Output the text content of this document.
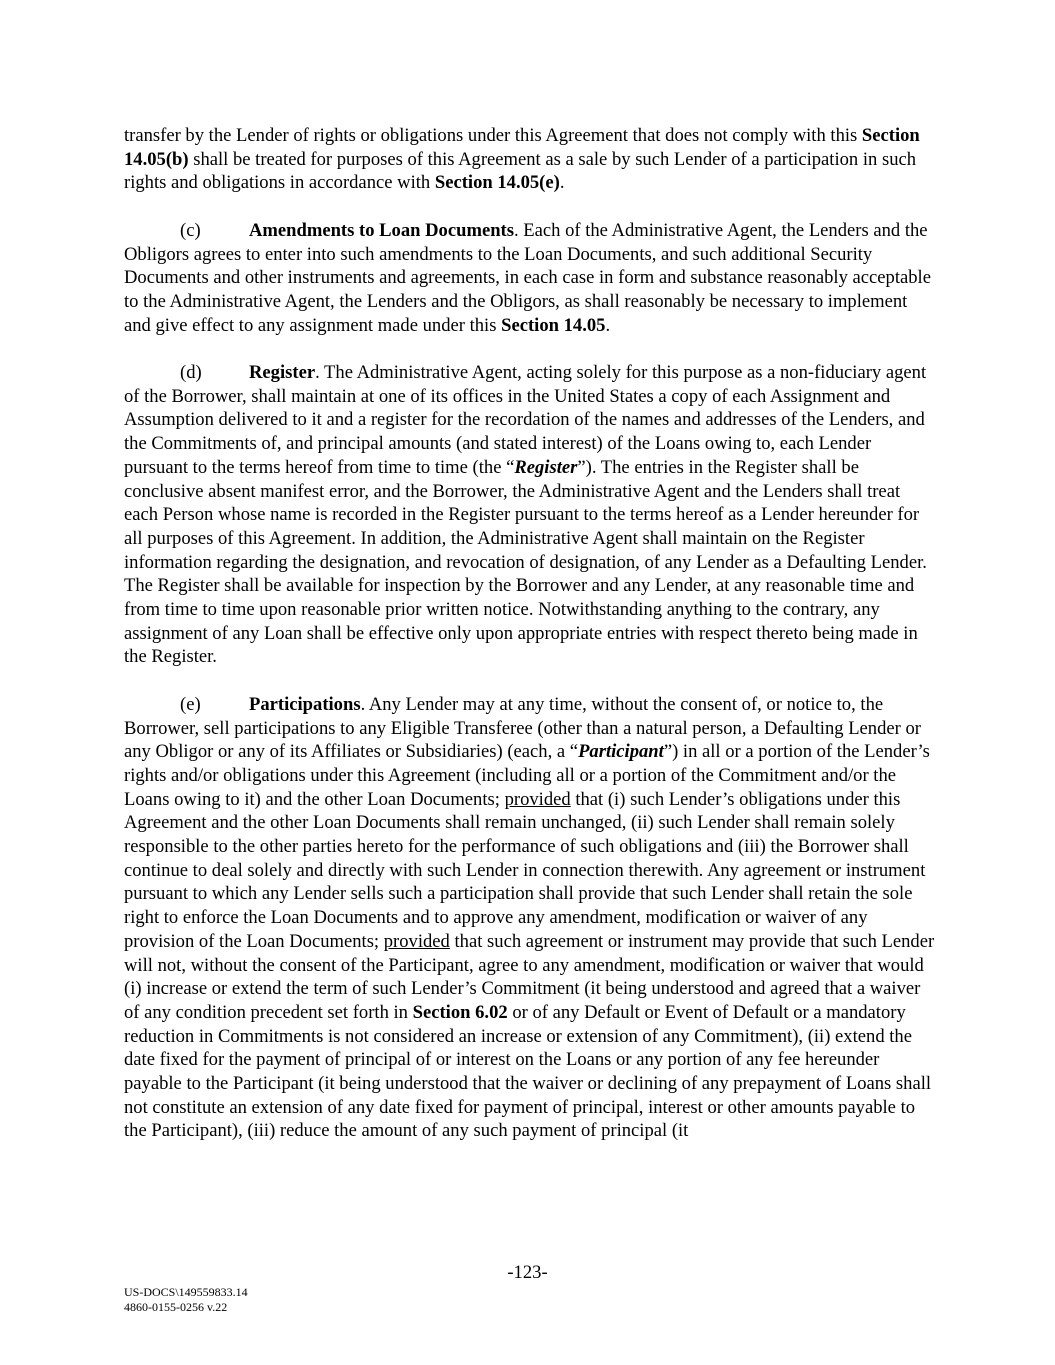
transfer by the Lender of rights or obligations under this Agreement that does not comply with this Section 14.05(b) shall be treated for purposes of this Agreement as a sale by such Lender of a participation in such rights and obligations in accordance with Section 14.05(e).

(c)	Amendments to Loan Documents. Each of the Administrative Agent, the Lenders and the Obligors agrees to enter into such amendments to the Loan Documents, and such additional Security Documents and other instruments and agreements, in each case in form and substance reasonably acceptable to the Administrative Agent, the Lenders and the Obligors, as shall reasonably be necessary to implement and give effect to any assignment made under this Section 14.05.

(d)	Register. The Administrative Agent, acting solely for this purpose as a non-fiduciary agent of the Borrower, shall maintain at one of its offices in the United States a copy of each Assignment and Assumption delivered to it and a register for the recordation of the names and addresses of the Lenders, and the Commitments of, and principal amounts (and stated interest) of the Loans owing to, each Lender pursuant to the terms hereof from time to time (the “Register”). The entries in the Register shall be conclusive absent manifest error, and the Borrower, the Administrative Agent and the Lenders shall treat each Person whose name is recorded in the Register pursuant to the terms hereof as a Lender hereunder for all purposes of this Agreement. In addition, the Administrative Agent shall maintain on the Register information regarding the designation, and revocation of designation, of any Lender as a Defaulting Lender. The Register shall be available for inspection by the Borrower and any Lender, at any reasonable time and from time to time upon reasonable prior written notice. Notwithstanding anything to the contrary, any assignment of any Loan shall be effective only upon appropriate entries with respect thereto being made in the Register.

(e)	Participations. Any Lender may at any time, without the consent of, or notice to, the Borrower, sell participations to any Eligible Transferee (other than a natural person, a Defaulting Lender or any Obligor or any of its Affiliates or Subsidiaries) (each, a “Participant”) in all or a portion of the Lender’s rights and/or obligations under this Agreement (including all or a portion of the Commitment and/or the Loans owing to it) and the other Loan Documents; provided that (i) such Lender’s obligations under this Agreement and the other Loan Documents shall remain unchanged, (ii) such Lender shall remain solely responsible to the other parties hereto for the performance of such obligations and (iii) the Borrower shall continue to deal solely and directly with such Lender in connection therewith. Any agreement or instrument pursuant to which any Lender sells such a participation shall provide that such Lender shall retain the sole right to enforce the Loan Documents and to approve any amendment, modification or waiver of any provision of the Loan Documents; provided that such agreement or instrument may provide that such Lender will not, without the consent of the Participant, agree to any amendment, modification or waiver that would (i) increase or extend the term of such Lender’s Commitment (it being understood and agreed that a waiver of any condition precedent set forth in Section 6.02 or of any Default or Event of Default or a mandatory reduction in Commitments is not considered an increase or extension of any Commitment), (ii) extend the date fixed for the payment of principal of or interest on the Loans or any portion of any fee hereunder payable to the Participant (it being understood that the waiver or declining of any prepayment of Loans shall not constitute an extension of any date fixed for payment of principal, interest or other amounts payable to the Participant), (iii) reduce the amount of any such payment of principal (it

-123-
US-DOCS\149559833.14
4860-0155-0256 v.22
